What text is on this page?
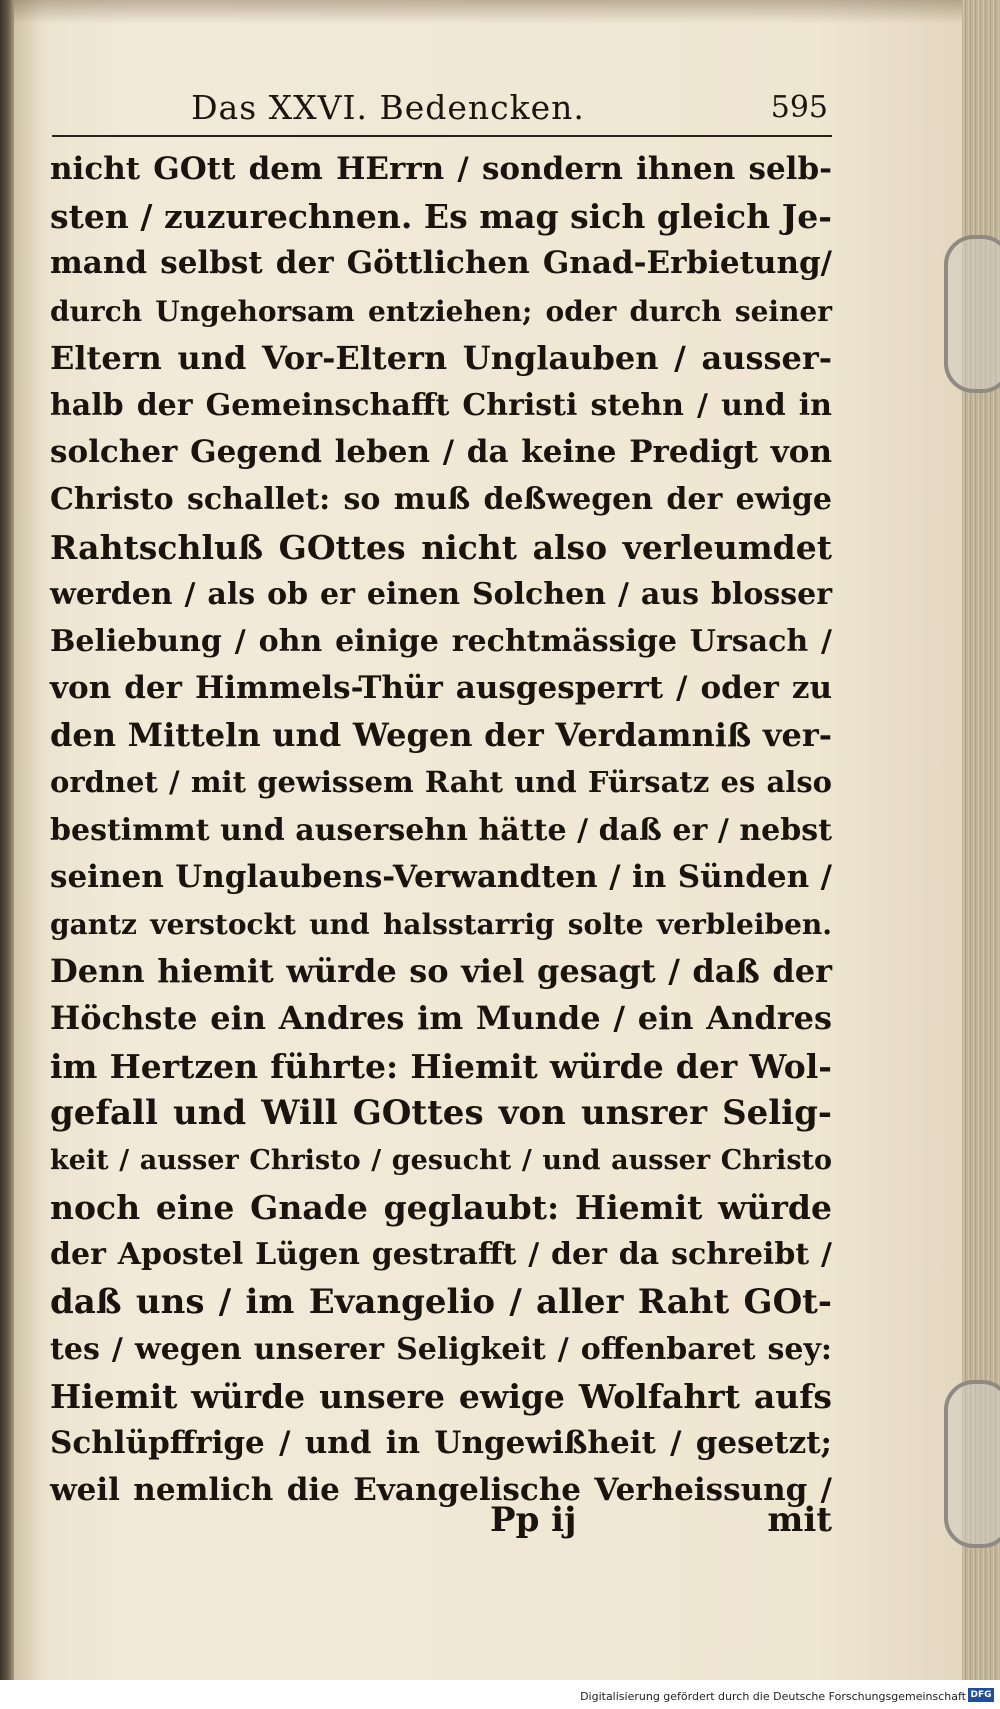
Das XXVI. Bedencken.	595
nicht GOtt dem HErrn / sondern ihnen selb-
sten / zuzurechnen. Es mag sich gleich Je-
mand selbst der Göttlichen Gnad-Erbietung/
durch Ungehorsam entziehen; oder durch seiner
Eltern und Vor-Eltern Unglauben / ausser-
halb der Gemeinschafft Christi stehn / und in
solcher Gegend leben / da keine Predigt von
Christo schallet: so muß deßwegen der ewige
Rahtschluß GOttes nicht also verleumdet
werden / als ob er einen Solchen / aus blosser
Beliebung / ohn einige rechtmässige Ursach /
von der Himmels-Thür ausgesperrt / oder zu
den Mitteln und Wegen der Verdamniß ver-
ordnet / mit gewissem Raht und Fürsatz es also
bestimmt und ausersehn hätte / daß er / nebst
seinen Unglaubens-Verwandten / in Sünden /
gantz verstockt und halsstarrig solte verbleiben.
Denn hiemit würde so viel gesagt / daß der
Höchste ein Andres im Munde / ein Andres
im Hertzen führte: Hiemit würde der Wol-
gefall und Will GOttes von unsrer Selig-
keit / ausser Christo / gesucht / und ausser Christo
noch eine Gnade geglaubt: Hiemit würde
der Apostel Lügen gestrafft / der da schreibt /
daß uns / im Evangelio / aller Raht GOt-
tes / wegen unserer Seligkeit / offenbaret sey:
Hiemit würde unsere ewige Wolfahrt aufs
Schlüpffrige / und in Ungewißheit / gesetzt;
weil nemlich die Evangelische Verheissung /
Pp ij	mit
Digitalisierung gefördert durch die Deutsche Forschungsgemeinschaft DFG
